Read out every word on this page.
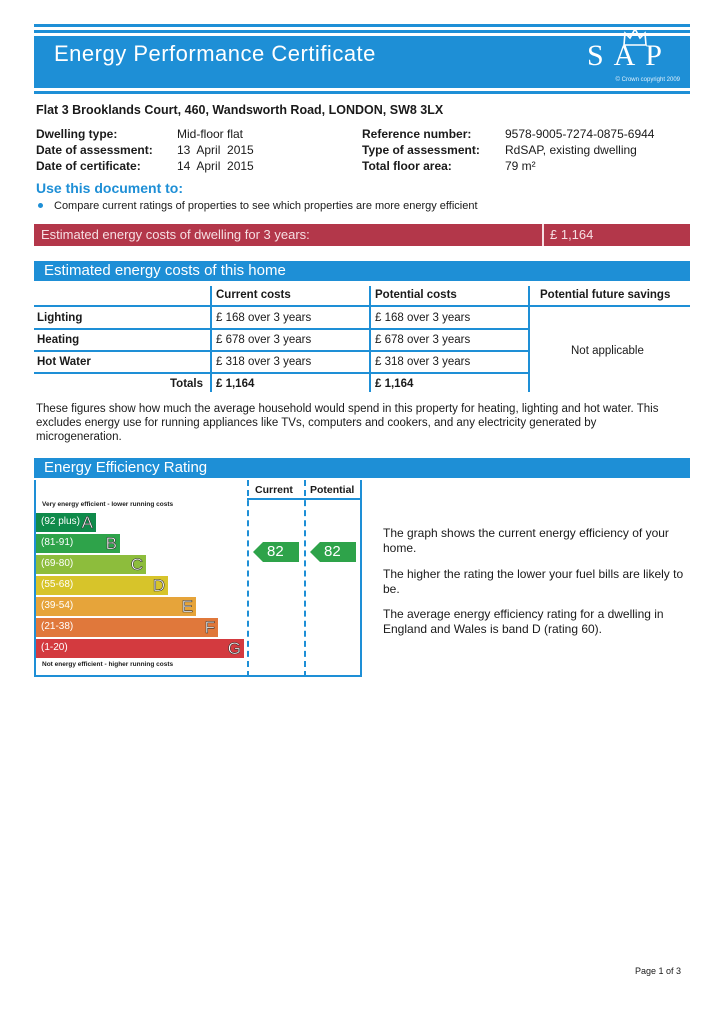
Energy Performance Certificate	SAP
© Crown copyright 2009
Flat 3 Brooklands Court, 460, Wandsworth Road, LONDON, SW8 3LX
Dwelling type:	Mid-floor flat
Date of assessment: 13  April  2015
Date of certificate:	14  April  2015
Reference number:	9578-9005-7274-0875-6944
Type of assessment: RdSAP, existing dwelling
Total floor area:	79 m²
Use this document to:
Compare current ratings of properties to see which properties are more energy efficient
Estimated energy costs of dwelling for 3 years:	£ 1,164
Estimated energy costs of this home
Current costs	Potential costs	Potential future savings
Lighting	£ 168 over 3 years	£ 168 over 3 years
Heating	£ 678 over 3 years	£ 678 over 3 years
Hot Water	£ 318 over 3 years	£ 318 over 3 years
Totals £ 1,164	£ 1,164
Not applicable
These figures show how much the average household would spend in this property for heating, lighting and hot water. This excludes energy use for running appliances like TVs, computers and cookers, and any electricity generated by microgeneration.
Energy Efficiency Rating
Current Potential
Very energy efficient - lower running costs
Not energy efficient - higher running costs
(92 plus) A
(81-91) B
(69-80)	C
(55-68)	D
(39-54)	E
(21-38)	F
(1-20)	G
82	82
The graph shows the current energy efficiency of your home.
The higher the rating the lower your fuel bills are likely to be.
The average energy efficiency rating for a dwelling in England and Wales is band D (rating 60).
Page 1 of 3
